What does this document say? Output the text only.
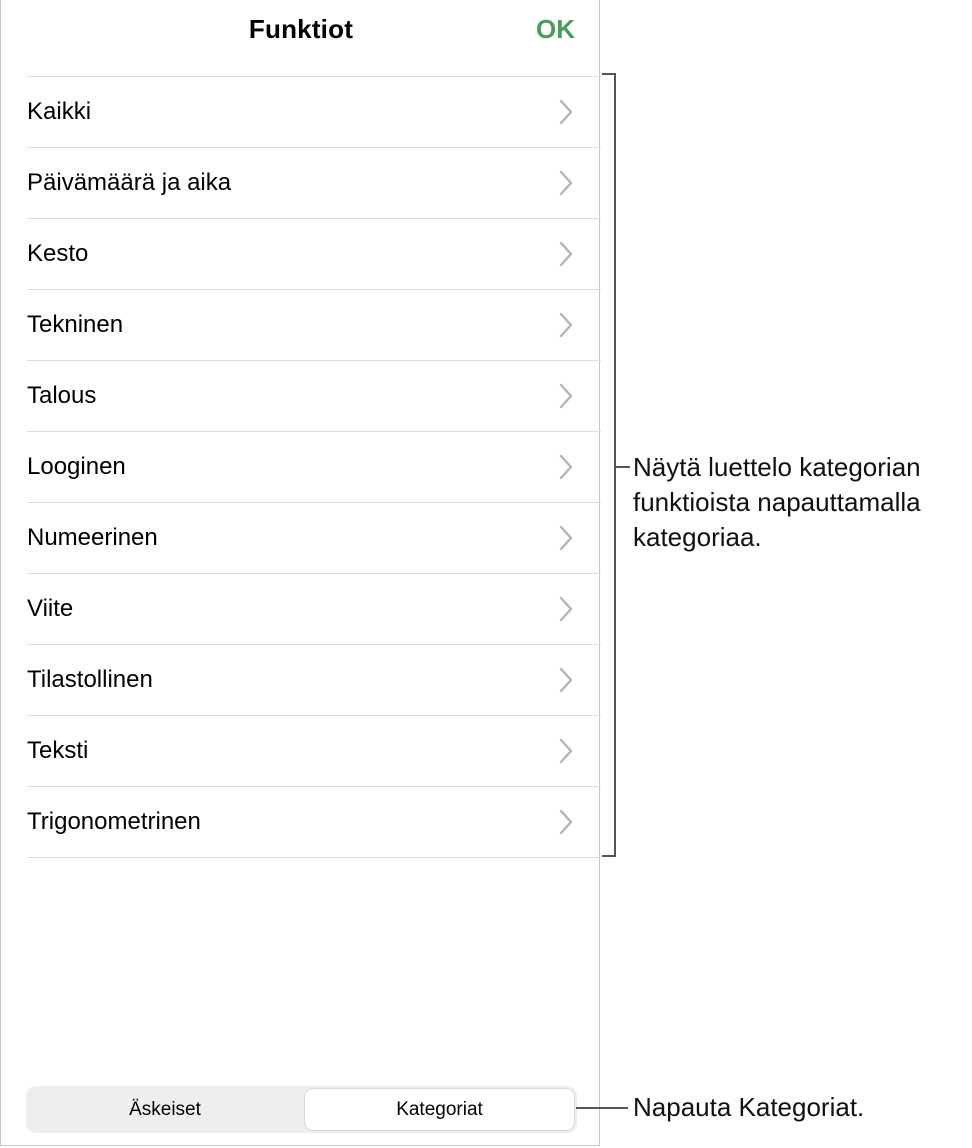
Funktiot	OK
Kaikki
Päivämäärä ja aika
Kesto
Tekninen
Talous
Looginen
Numeerinen
Viite
Tilastollinen
Teksti
Trigonometrinen
Äskeiset	Kategoriat
Näytä luettelo kategorian
funktioista napauttamalla
kategoriaa.
Napauta Kategoriat.
